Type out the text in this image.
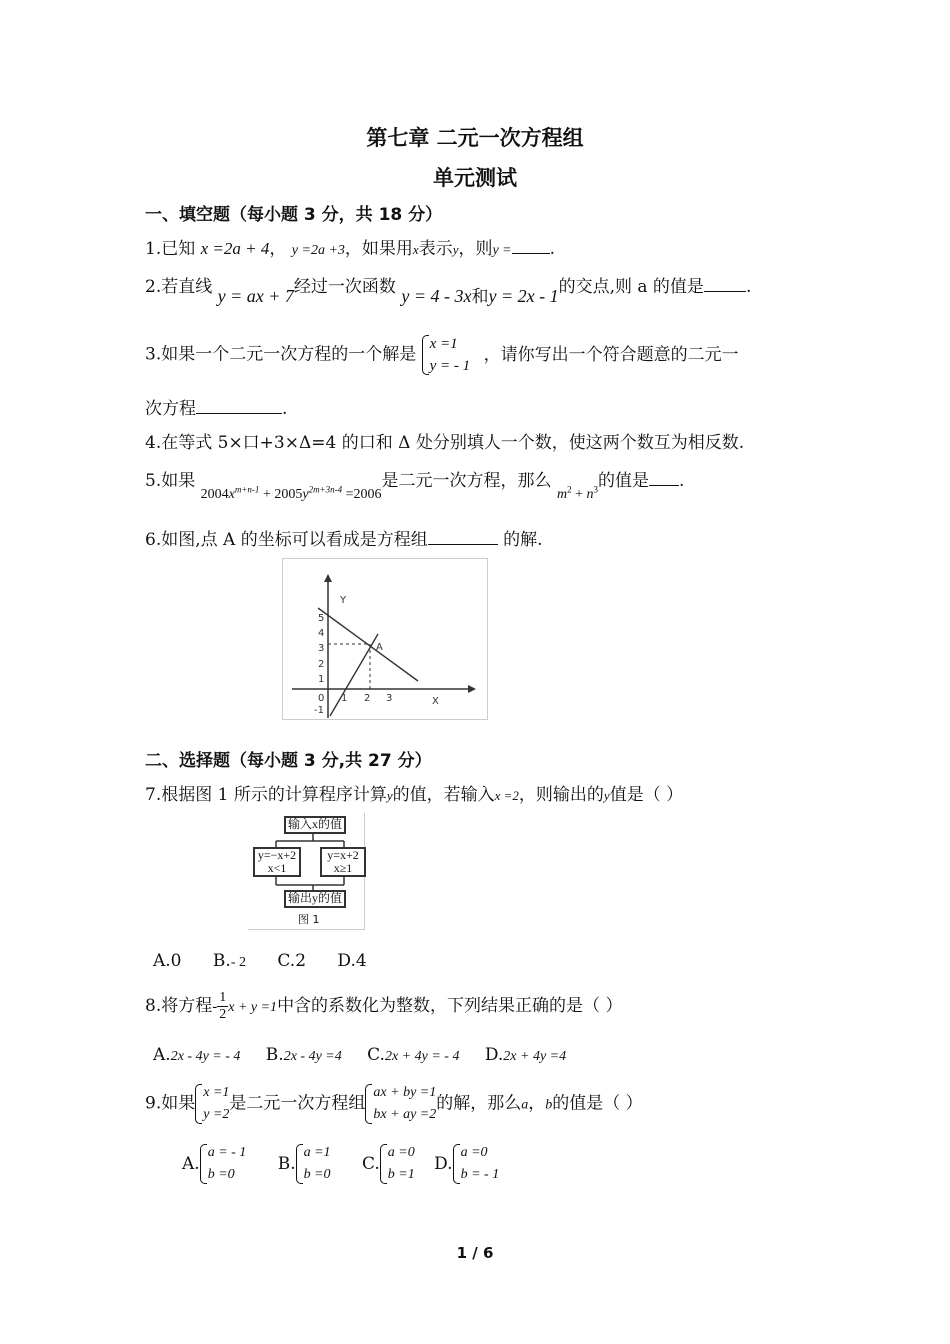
第七章 二元一次方程组
单元测试
一、填空题（每小题 3 分，共 18 分）
1.已知 x =2a + 4， y =2a +3，如果用x表示y，则y = .
2.若直线 y = ax + 7经过一次函数 y = 4 - 3x和y = 2x - 1的交点,则 a 的值是 .
3.如果一个二元一次方程的一个解是
x =1
y = - 1
，请你写出一个符合题意的二元一
次方程	.
4.在等式 5×口+3×Δ=4 的口和 Δ 处分别填人一个数，使这两个数互为相反数.
5.如果 $_{2004x^{m+n-1} + 2005y^{2m+3n-4} =2006}$是二元一次方程，那么 $_{m^2 + n^3}$的值是 .
6.如图,点 A 的坐标可以看成是方程组	的解.
Y
X
5
4
3
2
1
-1
0 1 2 3
A
二、选择题（每小题 3 分,共 27 分）
7.根据图 1 所示的计算程序计算y的值，若输入x =2，则输出的y值是（ ）
输入x的值
y=−x+2
x<1
y=x+2
x≥1
输出y的值
图 1
A.0 B.- 2 C.2 D.4
8.将方程- $\frac{1}{2}$ x + y =1中含的系数化为整数，下列结果正确的是（ ）
A.2x - 4y = - 4 B.2x - 4y =4 C.2x + 4y = - 4 D.2x + 4y =4
9.如果
x =1
y =2
是二元一次方程组
ax + by =1
bx + ay =2
的解，那么a，b的值是（ ）
A.
a = - 1
b =0
B.
a =1
b =0
C.
a =0
b =1
D.
a =0
b = - 1
1 / 6
